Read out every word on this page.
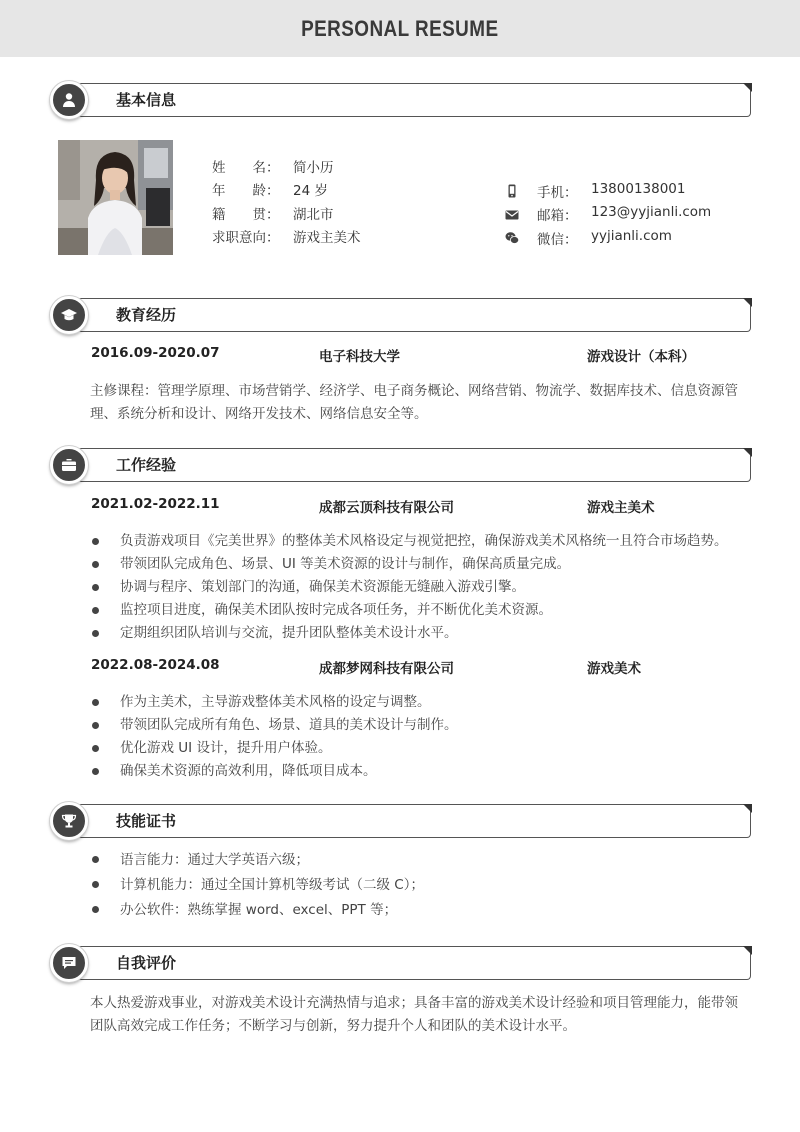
PERSONAL RESUME
基本信息
姓　　名： 简小历
年　　龄： 24 岁
籍　　贯： 湖北市
求职意向： 游戏主美术
手机： 13800138001
邮箱： 123@yyjianli.com
微信： yyjianli.com
教育经历
2016.09-2020.07	电子科技大学	游戏设计（本科）
主修课程：管理学原理、市场营销学、经济学、电子商务概论、网络营销、物流学、数据库技术、信息资源管理、系统分析和设计、网络开发技术、网络信息安全等。
工作经验
2021.02-2022.11	成都云顶科技有限公司	游戏主美术
负责游戏项目《完美世界》的整体美术风格设定与视觉把控，确保游戏美术风格统一且符合市场趋势。
带领团队完成角色、场景、UI 等美术资源的设计与制作，确保高质量完成。
协调与程序、策划部门的沟通，确保美术资源能无缝融入游戏引擎。
监控项目进度，确保美术团队按时完成各项任务，并不断优化美术资源。
定期组织团队培训与交流，提升团队整体美术设计水平。
2022.08-2024.08	成都梦网科技有限公司	游戏美术
作为主美术，主导游戏整体美术风格的设定与调整。
带领团队完成所有角色、场景、道具的美术设计与制作。
优化游戏 UI 设计，提升用户体验。
确保美术资源的高效利用，降低项目成本。
技能证书
语言能力：通过大学英语六级；
计算机能力：通过全国计算机等级考试（二级 C）；
办公软件：熟练掌握 word、excel、PPT 等；
自我评价
本人热爱游戏事业，对游戏美术设计充满热情与追求；具备丰富的游戏美术设计经验和项目管理能力，能带领团队高效完成工作任务；不断学习与创新，努力提升个人和团队的美术设计水平。
